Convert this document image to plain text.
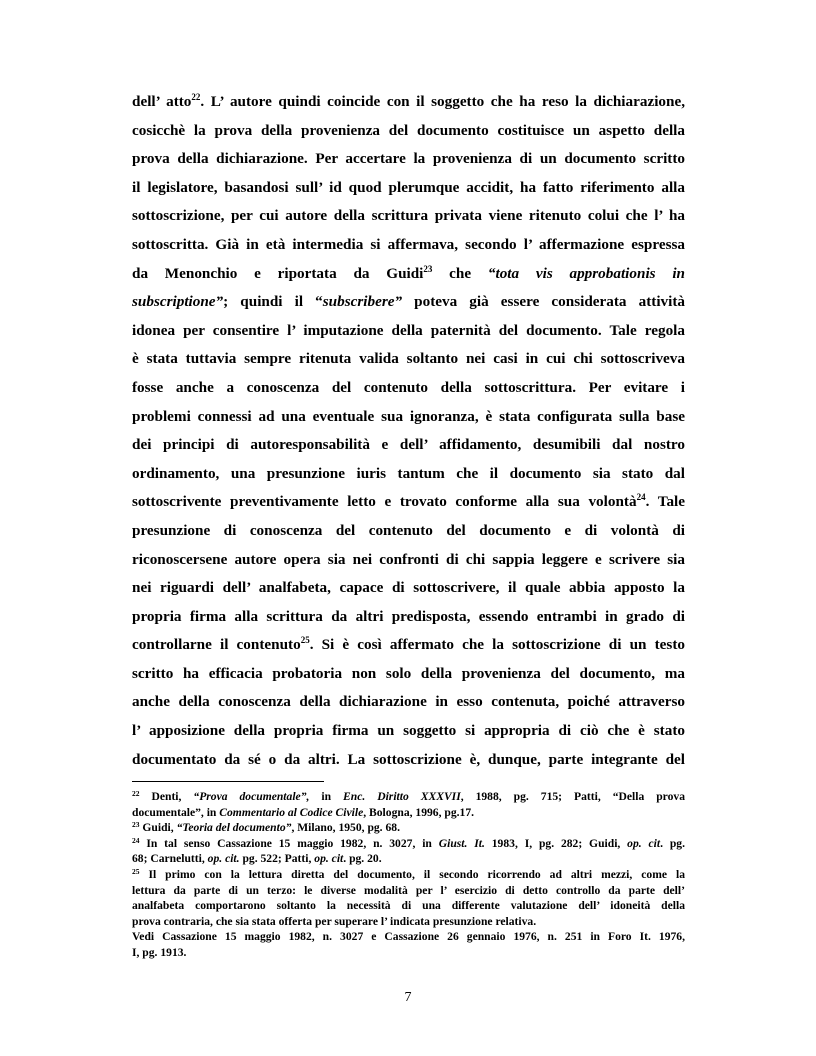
dell’ atto$^{22}$. L’ autore quindi coincide con il soggetto che ha reso la dichiarazione,
cosicchè la prova della provenienza del documento costituisce un aspetto della
prova della dichiarazione. Per accertare la provenienza di un documento scritto
il legislatore, basandosi sull’ id quod plerumque accidit, ha fatto riferimento alla
sottoscrizione, per cui autore della scrittura privata viene ritenuto colui che l’ ha
sottoscritta. Già in età intermedia si affermava, secondo l’ affermazione espressa
da Menonchio e riportata da Guidi$^{23}$ che “tota vis approbationis in
subscriptione”; quindi il “subscribere” poteva già essere considerata attività
idonea per consentire l’ imputazione della paternità del documento. Tale regola
è stata tuttavia sempre ritenuta valida soltanto nei casi in cui chi sottoscriveva
fosse anche a conoscenza del contenuto della sottoscrittura. Per evitare i
problemi connessi ad una eventuale sua ignoranza, è stata configurata sulla base
dei principi di autoresponsabilità e dell’ affidamento, desumibili dal nostro
ordinamento, una presunzione iuris tantum che il documento sia stato dal
sottoscrivente preventivamente letto e trovato conforme alla sua volontà$^{24}$. Tale
presunzione di conoscenza del contenuto del documento e di volontà di
riconoscersene autore opera sia nei confronti di chi sappia leggere e scrivere sia
nei riguardi dell’ analfabeta, capace di sottoscrivere, il quale abbia apposto la
propria firma alla scrittura da altri predisposta, essendo entrambi in grado di
controllarne il contenuto$^{25}$. Si è così affermato che la sottoscrizione di un testo
scritto ha efficacia probatoria non solo della provenienza del documento, ma
anche della conoscenza della dichiarazione in esso contenuta, poiché attraverso
l’ apposizione della propria firma un soggetto si appropria di ciò che è stato
documentato da sé o da altri. La sottoscrizione è, dunque, parte integrante del
$^{22}$ Denti, “Prova documentale”, in Enc. Diritto XXXVII, 1988, pg. 715; Patti, “Della prova
documentale”, in Commentario al Codice Civile, Bologna, 1996, pg.17.
$^{23}$ Guidi, “Teoria del documento”, Milano, 1950, pg. 68.
$^{24}$ In tal senso Cassazione 15 maggio 1982, n. 3027, in Giust. It. 1983, I, pg. 282; Guidi, op. cit. pg.
68; Carnelutti, op. cit. pg. 522; Patti, op. cit. pg. 20.
$^{25}$ Il primo con la lettura diretta del documento, il secondo ricorrendo ad altri mezzi, come la
lettura da parte di un terzo: le diverse modalità per l’ esercizio di detto controllo da parte dell’
analfabeta comportarono soltanto la necessità di una differente valutazione dell’ idoneità della
prova contraria, che sia stata offerta per superare l’ indicata presunzione relativa.
Vedi Cassazione 15 maggio 1982, n. 3027 e Cassazione 26 gennaio 1976, n. 251 in Foro It. 1976,
I, pg. 1913.
7
